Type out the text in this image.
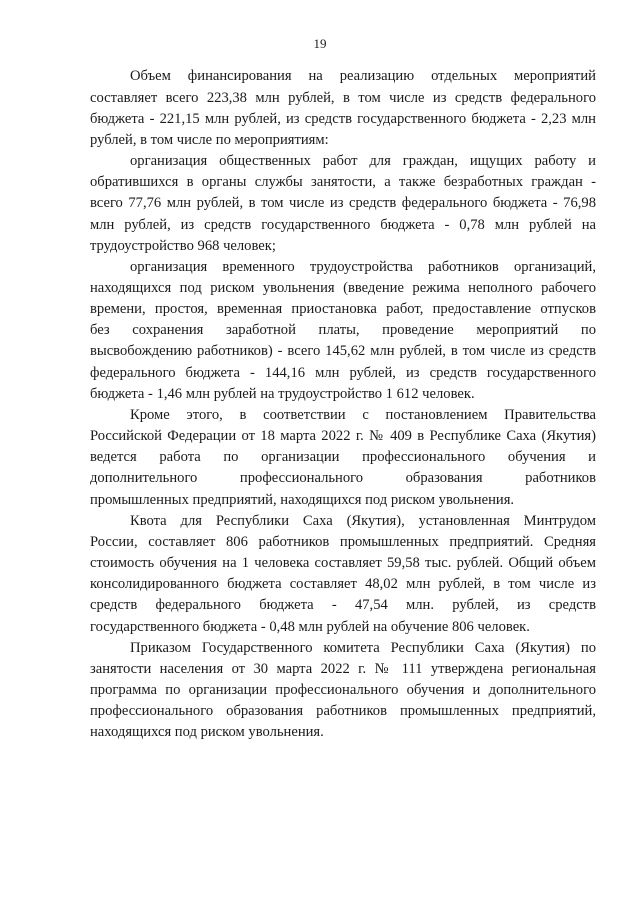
19
Объем финансирования на реализацию отдельных мероприятий
составляет всего 223,38 млн рублей, в том числе из средств федерального
бюджета - 221,15 млн рублей, из средств государственного бюджета - 2,23 млн
рублей, в том числе по мероприятиям:
организация общественных работ для граждан, ищущих работу и
обратившихся в органы службы занятости, а также безработных граждан -
всего 77,76 млн рублей, в том числе из средств федерального бюджета - 76,98
млн рублей, из средств государственного бюджета - 0,78 млн рублей на
трудоустройство 968 человек;
организация временного трудоустройства работников организаций,
находящихся под риском увольнения (введение режима неполного рабочего
времени, простоя, временная приостановка работ, предоставление отпусков
без сохранения заработной платы, проведение мероприятий по
высвобождению работников) - всего 145,62 млн рублей, в том числе из средств
федерального бюджета - 144,16 млн рублей, из средств государственного
бюджета - 1,46 млн рублей на трудоустройство 1 612 человек.
Кроме этого, в соответствии с постановлением Правительства
Российской Федерации от 18 марта 2022 г. № 409 в Республике Саха (Якутия)
ведется работа по организации профессионального обучения и
дополнительного профессионального образования работников
промышленных предприятий, находящихся под риском увольнения.
Квота для Республики Саха (Якутия), установленная Минтрудом
России, составляет 806 работников промышленных предприятий. Средняя
стоимость обучения на 1 человека составляет 59,58 тыс. рублей. Общий объем
консолидированного бюджета составляет 48,02 млн рублей, в том числе из
средств федерального бюджета - 47,54 млн. рублей, из средств
государственного бюджета - 0,48 млн рублей на обучение 806 человек.
Приказом Государственного комитета Республики Саха (Якутия) по
занятости населения от 30 марта 2022 г. № 111 утверждена региональная
программа по организации профессионального обучения и дополнительного
профессионального образования работников промышленных предприятий,
находящихся под риском увольнения.
